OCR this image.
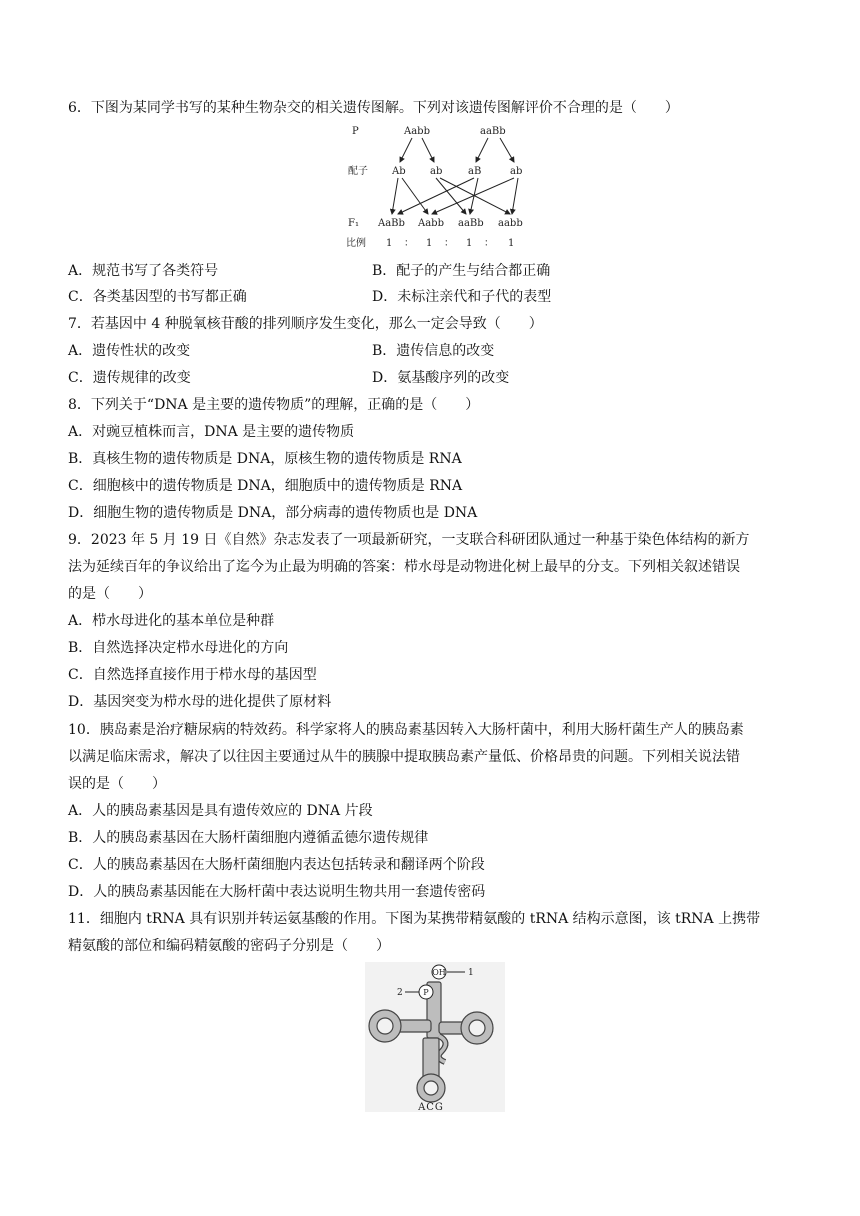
6．下图为某同学书写的某种生物杂交的相关遗传图解。下列对该遗传图解评价不合理的是（　　）
P	Aabb	aaBb
配子 Ab ab	aB	ab
F₁ AaBb Aabb aaBb aabb
比例 1 ： 1 ： 1 ： 1
A．规范书写了各类符号	B．配子的产生与结合都正确
C．各类基因型的书写都正确	D．未标注亲代和子代的表型
7．若基因中 4 种脱氧核苷酸的排列顺序发生变化，那么一定会导致（　　）
A．遗传性状的改变	B．遗传信息的改变
C．遗传规律的改变	D．氨基酸序列的改变
8．下列关于“DNA 是主要的遗传物质”的理解，正确的是（　　）
A．对豌豆植株而言，DNA 是主要的遗传物质
B．真核生物的遗传物质是 DNA，原核生物的遗传物质是 RNA
C．细胞核中的遗传物质是 DNA，细胞质中的遗传物质是 RNA
D．细胞生物的遗传物质是 DNA，部分病毒的遗传物质也是 DNA
9．2023 年 5 月 19 日《自然》杂志发表了一项最新研究，一支联合科研团队通过一种基于染色体结构的新方
法为延续百年的争议给出了迄今为止最为明确的答案：栉水母是动物进化树上最早的分支。下列相关叙述错误
的是（　　）
A．栉水母进化的基本单位是种群
B．自然选择决定栉水母进化的方向
C．自然选择直接作用于栉水母的基因型
D．基因突变为栉水母的进化提供了原材料
10．胰岛素是治疗糖尿病的特效药。科学家将人的胰岛素基因转入大肠杆菌中，利用大肠杆菌生产人的胰岛素
以满足临床需求，解决了以往因主要通过从牛的胰腺中提取胰岛素产量低、价格昂贵的问题。下列相关说法错
误的是（　　）
A．人的胰岛素基因是具有遗传效应的 DNA 片段
B．人的胰岛素基因在大肠杆菌细胞内遵循孟德尔遗传规律
C．人的胰岛素基因在大肠杆菌细胞内表达包括转录和翻译两个阶段
D．人的胰岛素基因能在大肠杆菌中表达说明生物共用一套遗传密码
11．细胞内 tRNA 具有识别并转运氨基酸的作用。下图为某携带精氨酸的 tRNA 结构示意图，该 tRNA 上携带
精氨酸的部位和编码精氨酸的密码子分别是（　　）
OH
P
1
2
ACG
